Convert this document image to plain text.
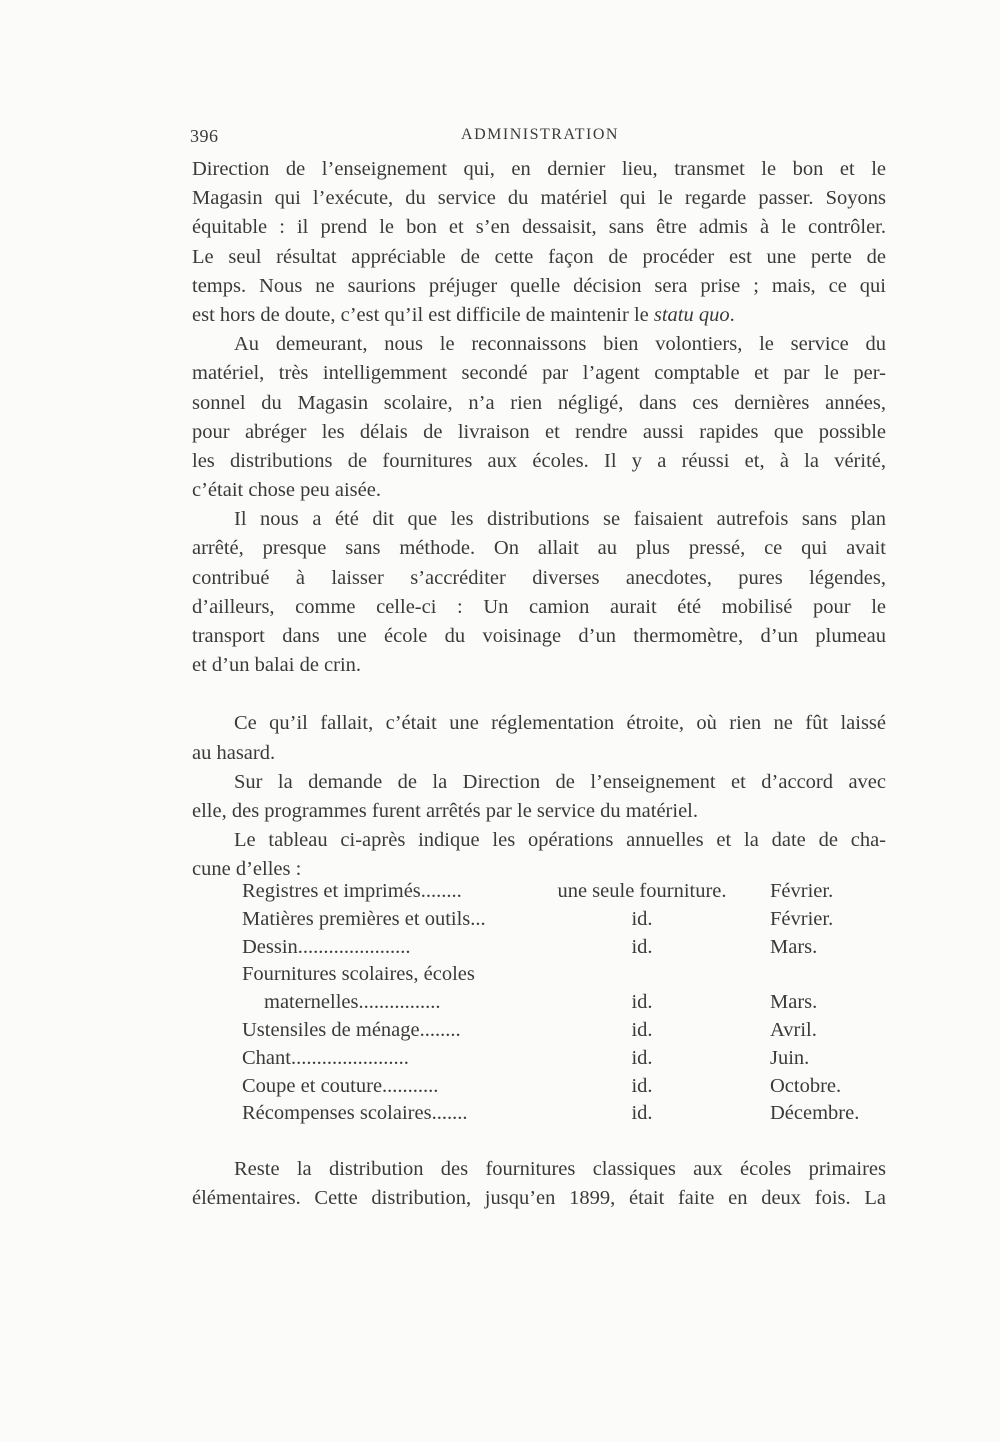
396	ADMINISTRATION
Direction de l’enseignement qui, en dernier lieu, transmet le bon et le
Magasin qui l’exécute, du service du matériel qui le regarde passer. Soyons
équitable : il prend le bon et s’en dessaisit, sans être admis à le contrôler.
Le seul résultat appréciable de cette façon de procéder est une perte de
temps. Nous ne saurions préjuger quelle décision sera prise ; mais, ce qui
est hors de doute, c’est qu’il est difficile de maintenir le statu quo.
Au demeurant, nous le reconnaissons bien volontiers, le service du
matériel, très intelligemment secondé par l’agent comptable et par le per-
sonnel du Magasin scolaire, n’a rien négligé, dans ces dernières années,
pour abréger les délais de livraison et rendre aussi rapides que possible
les distributions de fournitures aux écoles. Il y a réussi et, à la vérité,
c’était chose peu aisée.
Il nous a été dit que les distributions se faisaient autrefois sans plan
arrêté, presque sans méthode. On allait au plus pressé, ce qui avait
contribué à laisser s’accréditer diverses anecdotes, pures légendes,
d’ailleurs, comme celle-ci : Un camion aurait été mobilisé pour le
transport dans une école du voisinage d’un thermomètre, d’un plumeau
et d’un balai de crin.
Ce qu’il fallait, c’était une réglementation étroite, où rien ne fût laissé
au hasard.
Sur la demande de la Direction de l’enseignement et d’accord avec
elle, des programmes furent arrêtés par le service du matériel.
Le tableau ci-après indique les opérations annuelles et la date de cha-
cune d’elles :
Registres et imprimés........	une seule fourniture.	Février.
Matières premières et outils...	id.	Février.
Dessin......................	id.	Mars.
Fournitures scolaires, écoles
maternelles................	id.	Mars.
Ustensiles de ménage........	id.	Avril.
Chant.......................	id.	Juin.
Coupe et couture...........	id.	Octobre.
Récompenses scolaires.......	id.	Décembre.
Reste la distribution des fournitures classiques aux écoles primaires
élémentaires. Cette distribution, jusqu’en 1899, était faite en deux fois. La
